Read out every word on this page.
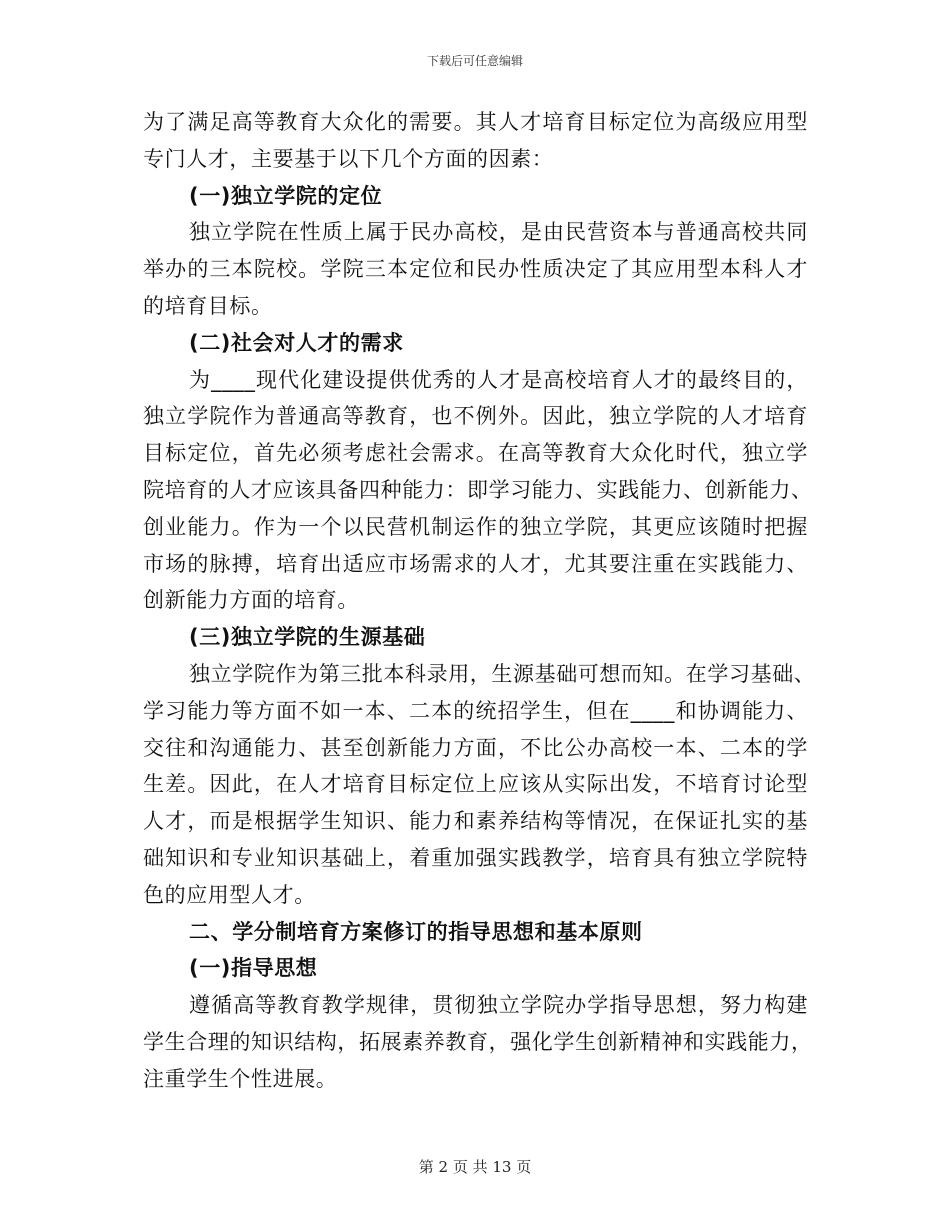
下载后可任意编辑
为了满足高等教育大众化的需要。其人才培育目标定位为高级应用型
专门人才，主要基于以下几个方面的因素：
(一)独立学院的定位
独立学院在性质上属于民办高校，是由民营资本与普通高校共同
举办的三本院校。学院三本定位和民办性质决定了其应用型本科人才
的培育目标。
(二)社会对人才的需求
为____现代化建设提供优秀的人才是高校培育人才的最终目的，
独立学院作为普通高等教育，也不例外。因此，独立学院的人才培育
目标定位，首先必须考虑社会需求。在高等教育大众化时代，独立学
院培育的人才应该具备四种能力：即学习能力、实践能力、创新能力、
创业能力。作为一个以民营机制运作的独立学院，其更应该随时把握
市场的脉搏，培育出适应市场需求的人才，尤其要注重在实践能力、
创新能力方面的培育。
(三)独立学院的生源基础
独立学院作为第三批本科录用，生源基础可想而知。在学习基础、
学习能力等方面不如一本、二本的统招学生，但在____和协调能力、
交往和沟通能力、甚至创新能力方面，不比公办高校一本、二本的学
生差。因此，在人才培育目标定位上应该从实际出发，不培育讨论型
人才，而是根据学生知识、能力和素养结构等情况，在保证扎实的基
础知识和专业知识基础上，着重加强实践教学，培育具有独立学院特
色的应用型人才。
二、学分制培育方案修订的指导思想和基本原则
(一)指导思想
遵循高等教育教学规律，贯彻独立学院办学指导思想，努力构建
学生合理的知识结构，拓展素养教育，强化学生创新精神和实践能力，
注重学生个性进展。
第 2 页 共 13 页
